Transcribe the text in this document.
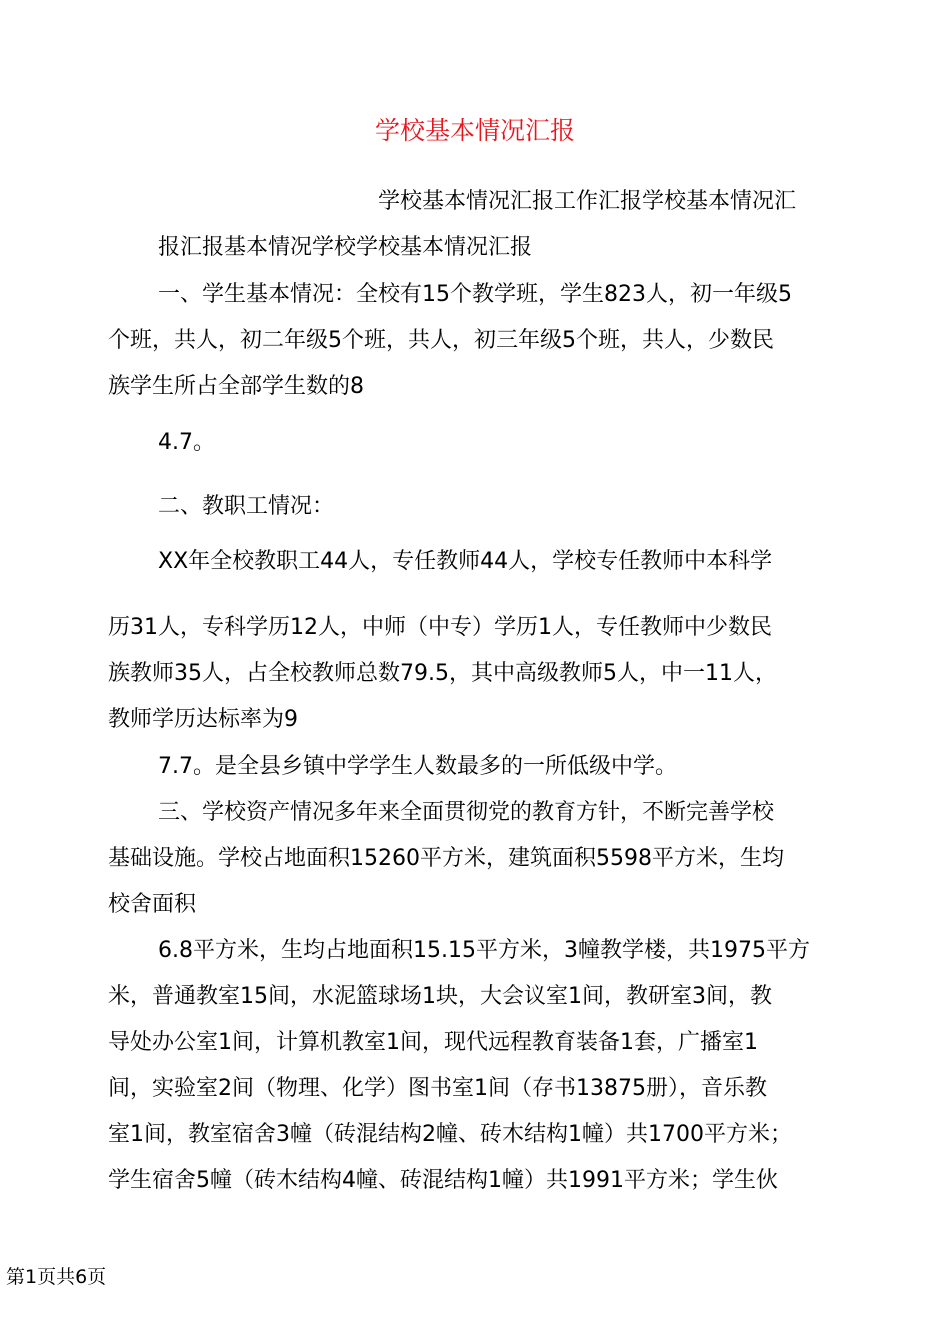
学校基本情况汇报

学校基本情况汇报工作汇报学校基本情况汇

报汇报基本情况学校学校基本情况汇报

一、学生基本情况：全校有15个教学班，学生823人，初一年级5

个班，共人，初二年级5个班，共人，初三年级5个班，共人，少数民

族学生所占全部学生数的8

4.7。

二、教职工情况：

XX年全校教职工44人，专任教师44人，学校专任教师中本科学

历31人，专科学历12人，中师（中专）学历1人，专任教师中少数民

族教师35人，占全校教师总数79.5，其中高级教师5人，中一11人，

教师学历达标率为9

7.7。是全县乡镇中学学生人数最多的一所低级中学。

三、学校资产情况多年来全面贯彻党的教育方针，不断完善学校

基础设施。学校占地面积15260平方米，建筑面积5598平方米，生均

校舍面积

6.8平方米，生均占地面积15.15平方米，3幢教学楼，共1975平方

米，普通教室15间，水泥篮球场1块，大会议室1间，教研室3间，教

导处办公室1间，计算机教室1间，现代远程教育装备1套，广播室1

间，实验室2间（物理、化学）图书室1间（存书13875册），音乐教

室1间，教室宿舍3幢（砖混结构2幢、砖木结构1幢）共1700平方米；

学生宿舍5幢（砖木结构4幢、砖混结构1幢）共1991平方米；学生伙

第1页共6页
